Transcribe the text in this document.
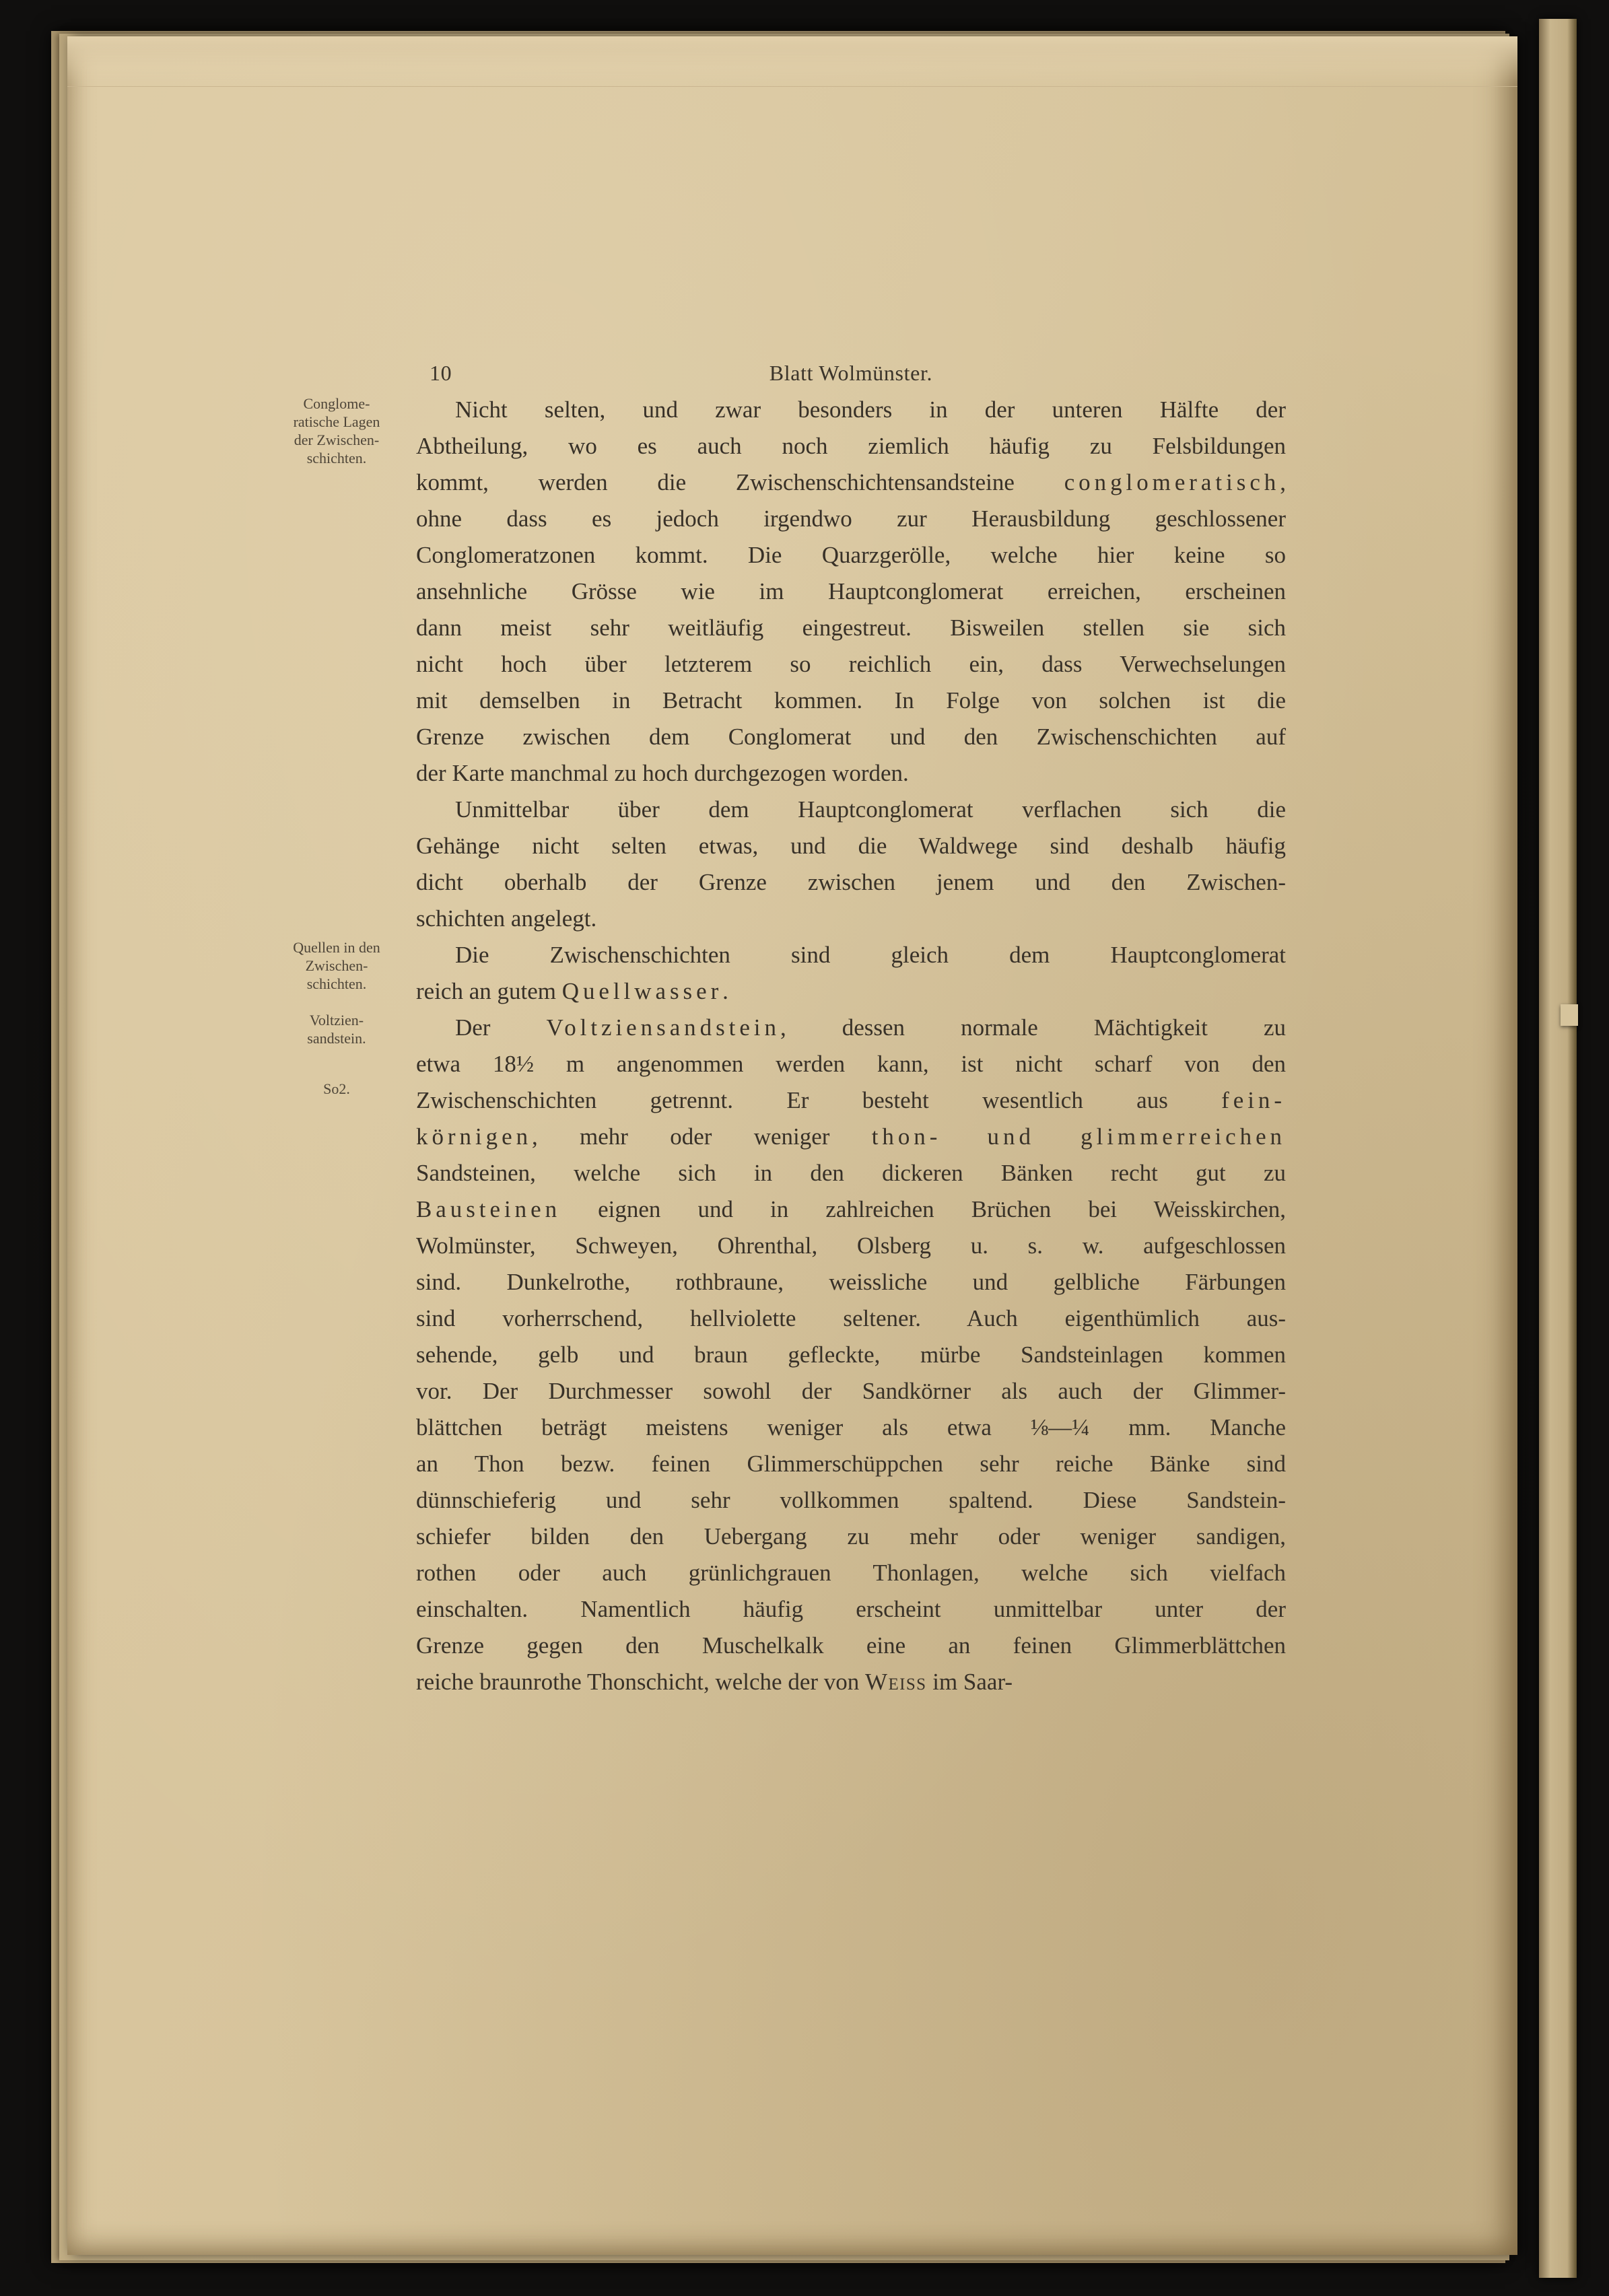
10	Blatt Wolmünster.
Conglome-
ratische Lagen
der Zwischen-
schichten.
Quellen in den
Zwischen-
schichten.
Voltzien-
sandstein.
So2.
Nicht selten, und zwar besonders in der unteren Hälfte der
Abtheilung, wo es auch noch ziemlich häufig zu Felsbildungen
kommt, werden die Zwischenschichtensandsteine conglomeratisch,
ohne dass es jedoch irgendwo zur Herausbildung geschlossener
Conglomeratzonen kommt. Die Quarzgerölle, welche hier keine so
ansehnliche Grösse wie im Hauptconglomerat erreichen, erscheinen
dann meist sehr weitläufig eingestreut. Bisweilen stellen sie sich
nicht hoch über letzterem so reichlich ein, dass Verwechselungen
mit demselben in Betracht kommen. In Folge von solchen ist die
Grenze zwischen dem Conglomerat und den Zwischenschichten auf
der Karte manchmal zu hoch durchgezogen worden.
Unmittelbar über dem Hauptconglomerat verflachen sich die
Gehänge nicht selten etwas, und die Waldwege sind deshalb häufig
dicht oberhalb der Grenze zwischen jenem und den Zwischen-
schichten angelegt.
Die Zwischenschichten sind gleich dem Hauptconglomerat
reich an gutem Quellwasser.
Der Voltziensandstein, dessen normale Mächtigkeit zu
etwa 18½ m angenommen werden kann, ist nicht scharf von den
Zwischenschichten getrennt. Er besteht wesentlich aus fein-
körnigen, mehr oder weniger thon- und glimmerreichen
Sandsteinen, welche sich in den dickeren Bänken recht gut zu
Bausteinen eignen und in zahlreichen Brüchen bei Weisskirchen,
Wolmünster, Schweyen, Ohrenthal, Olsberg u. s. w. aufgeschlossen
sind. Dunkelrothe, rothbraune, weissliche und gelbliche Färbungen
sind vorherrschend, hellviolette seltener. Auch eigenthümlich aus-
sehende, gelb und braun gefleckte, mürbe Sandsteinlagen kommen
vor. Der Durchmesser sowohl der Sandkörner als auch der Glimmer-
blättchen beträgt meistens weniger als etwa ⅛—¼ mm. Manche
an Thon bezw. feinen Glimmerschüppchen sehr reiche Bänke sind
dünnschieferig und sehr vollkommen spaltend. Diese Sandstein-
schiefer bilden den Uebergang zu mehr oder weniger sandigen,
rothen oder auch grünlichgrauen Thonlagen, welche sich vielfach
einschalten. Namentlich häufig erscheint unmittelbar unter der
Grenze gegen den Muschelkalk eine an feinen Glimmerblättchen
reiche braunrothe Thonschicht, welche der von Weiss im Saar-
